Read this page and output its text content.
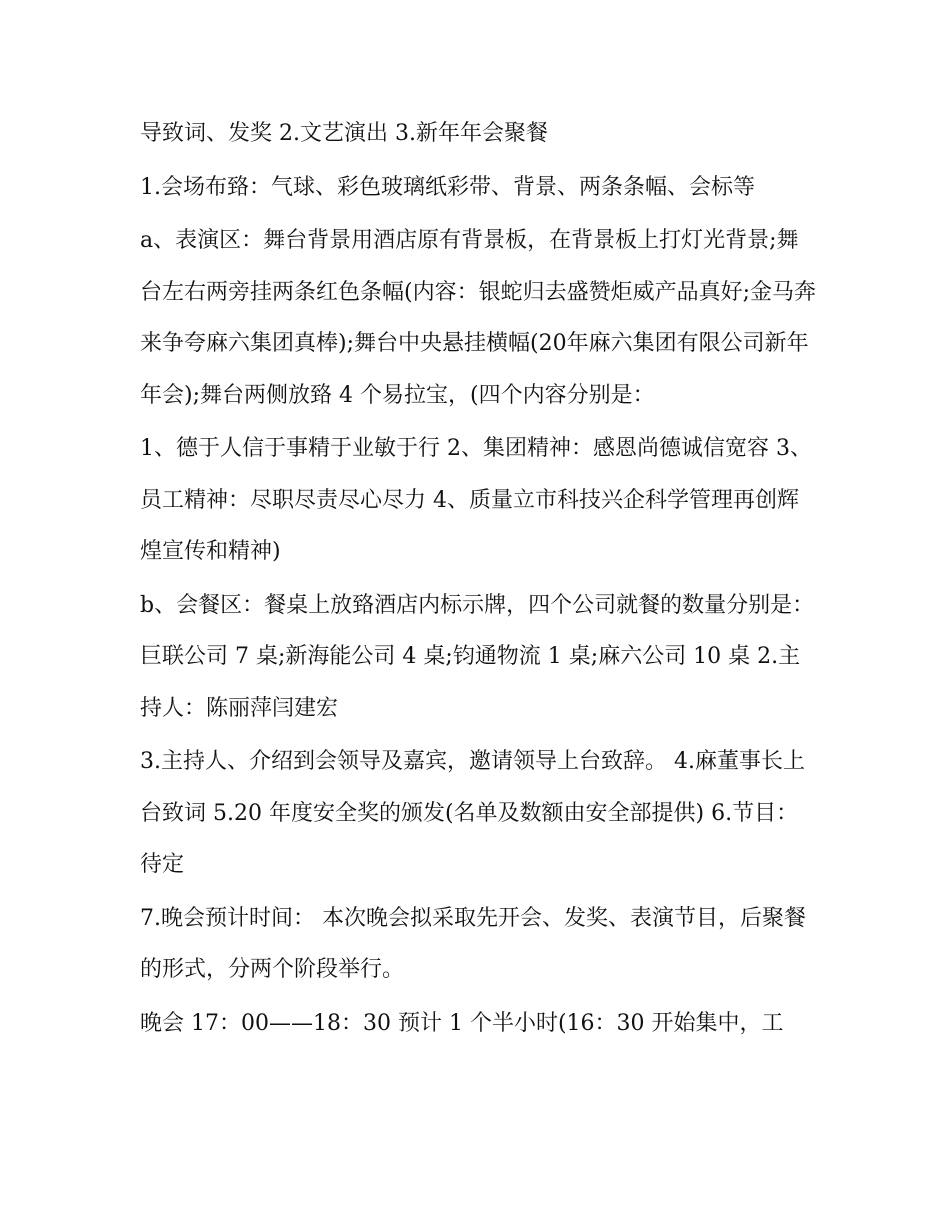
导致词、发奖 2.文艺演出 3.新年年会聚餐

1.会场布臵：气球、彩色玻璃纸彩带、背景、两条条幅、会标等

a、表演区：舞台背景用酒店原有背景板，在背景板上打灯光背景;舞台左右两旁挂两条红色条幅(内容：银蛇归去盛赞炬威产品真好;金马奔来争夸麻六集团真棒);舞台中央悬挂横幅(20年麻六集团有限公司新年年会);舞台两侧放臵 4 个易拉宝，(四个内容分别是：

1、德于人信于事精于业敏于行 2、集团精神：感恩尚德诚信宽容 3、员工精神：尽职尽责尽心尽力 4、质量立市科技兴企科学管理再创辉煌宣传和精神)

b、会餐区：餐桌上放臵酒店内标示牌，四个公司就餐的数量分别是：巨联公司 7 桌;新海能公司 4 桌;钧通物流 1 桌;麻六公司 10 桌 2.主持人：陈丽萍闫建宏

3.主持人、介绍到会领导及嘉宾，邀请领导上台致辞。 4.麻董事长上台致词 5.20 年度安全奖的颁发(名单及数额由安全部提供) 6.节目：待定

7.晚会预计时间： 本次晚会拟采取先开会、发奖、表演节目，后聚餐的形式，分两个阶段举行。

晚会 17：00——18：30 预计 1 个半小时(16：30 开始集中，工
